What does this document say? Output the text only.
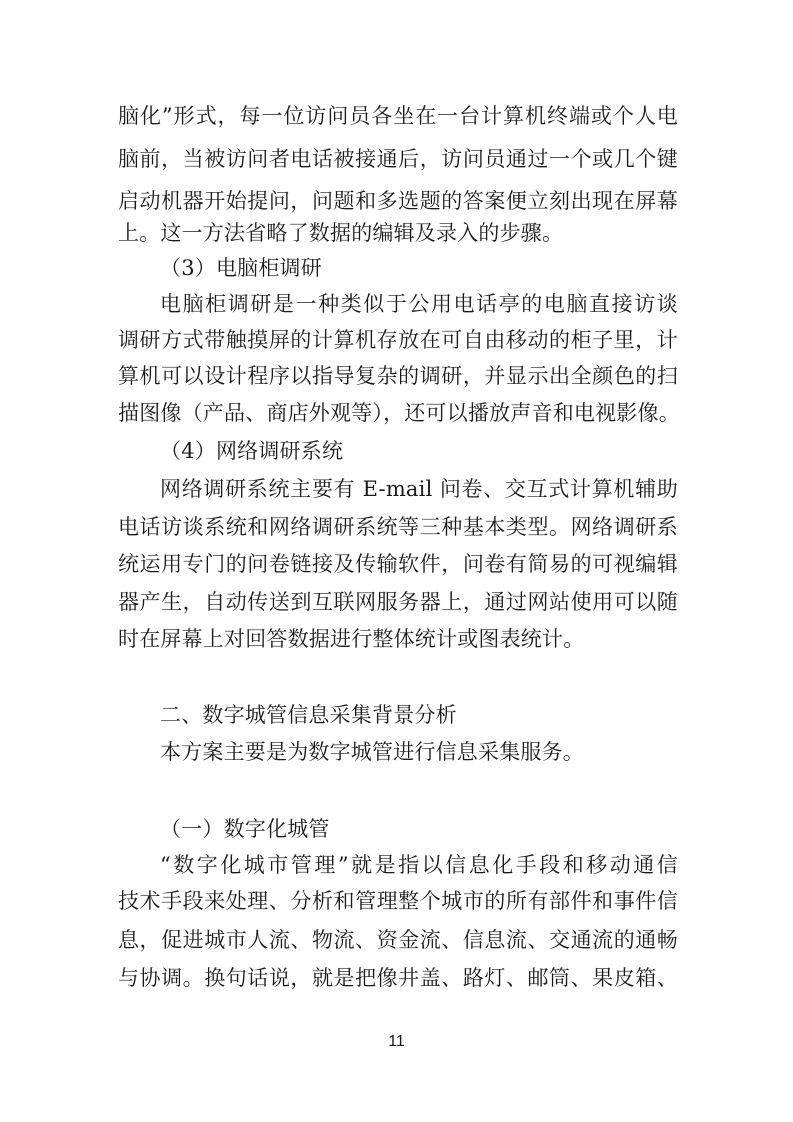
脑化”形式，每一位访问员各坐在一台计算机终端或个人电
脑前，当被访问者电话被接通后，访问员通过一个或几个键
启动机器开始提问，问题和多选题的答案便立刻出现在屏幕
上。这一方法省略了数据的编辑及录入的步骤。
（3）电脑柜调研
电脑柜调研是一种类似于公用电话亭的电脑直接访谈
调研方式带触摸屏的计算机存放在可自由移动的柜子里，计
算机可以设计程序以指导复杂的调研，并显示出全颜色的扫
描图像（产品、商店外观等），还可以播放声音和电视影像。
（4）网络调研系统
网络调研系统主要有 E-mail 问卷、交互式计算机辅助
电话访谈系统和网络调研系统等三种基本类型。网络调研系
统运用专门的问卷链接及传输软件，问卷有简易的可视编辑
器产生，自动传送到互联网服务器上，通过网站使用可以随
时在屏幕上对回答数据进行整体统计或图表统计。
二、数字城管信息采集背景分析
本方案主要是为数字城管进行信息采集服务。
（一）数字化城管
“数字化城市管理”就是指以信息化手段和移动通信
技术手段来处理、分析和管理整个城市的所有部件和事件信
息，促进城市人流、物流、资金流、信息流、交通流的通畅
与协调。换句话说，就是把像井盖、路灯、邮筒、果皮箱、
11
